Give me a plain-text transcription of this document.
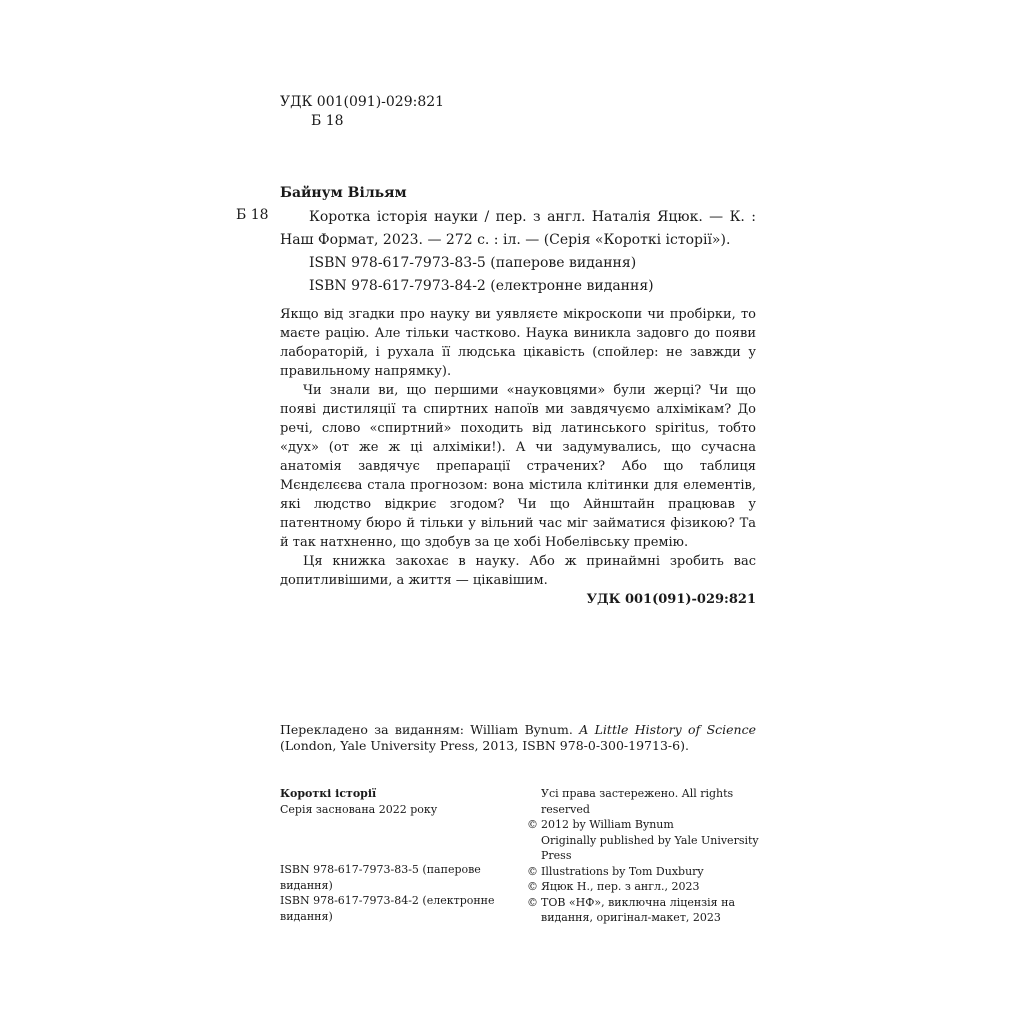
УДК 001(091)-029:821
Б 18
Байнум Вільям
Б 18	Коротка історія науки / пер. з англ. Наталія Яцюк. — К. : Наш Формат, 2023. — 272 с. : іл. — (Серія «Короткі історії»).
ISBN 978-617-7973-83-5 (паперове видання)
ISBN 978-617-7973-84-2 (електронне видання)

Якщо від згадки про науку ви уявляєте мікроскопи чи пробірки, то маєте рацію. Але тільки частково. Наука виникла задовго до появи лабораторій, і рухала її людська цікавість (спойлер: не завжди у правильному напрямку).

Чи знали ви, що першими «науковцями» були жерці? Чи що появі дистиляції та спиртних напоїв ми завдячуємо алхімікам? До речі, слово «спиртний» походить від латинського spiritus, тобто «дух» (от же ж ці алхіміки!). А чи задумувались, що сучасна анатомія завдячує препарації страчених? Або що таблиця Мєндєлєєва стала прогнозом: вона містила клітинки для елементів, які людство відкриє згодом? Чи що Айнштайн працював у патентному бюро й тільки у вільний час міг займатися фізикою? Та й так натхненно, що здобув за це хобі Нобелівську премію.

Ця книжка закохає в науку. Або ж принаймні зробить вас допитливішими, а життя — цікавішим.

УДК 001(091)-029:821

Перекладено за виданням: William Bynum. A Little History of Science (London, Yale University Press, 2013, ISBN 978-0-300-19713-6).
Короткі історії
Серія заснована 2022 року
ISBN 978-617-7973-83-5 (паперове видання)
ISBN 978-617-7973-84-2 (електронне видання)
Усі права застережено. All rights reserved
© 2012 by William Bynum
Originally published by Yale University Press
© Illustrations by Tom Duxbury
© Яцюк Н., пер. з англ., 2023
© ТОВ «НФ», виключна ліцензія на видання, оригінал-макет, 2023
